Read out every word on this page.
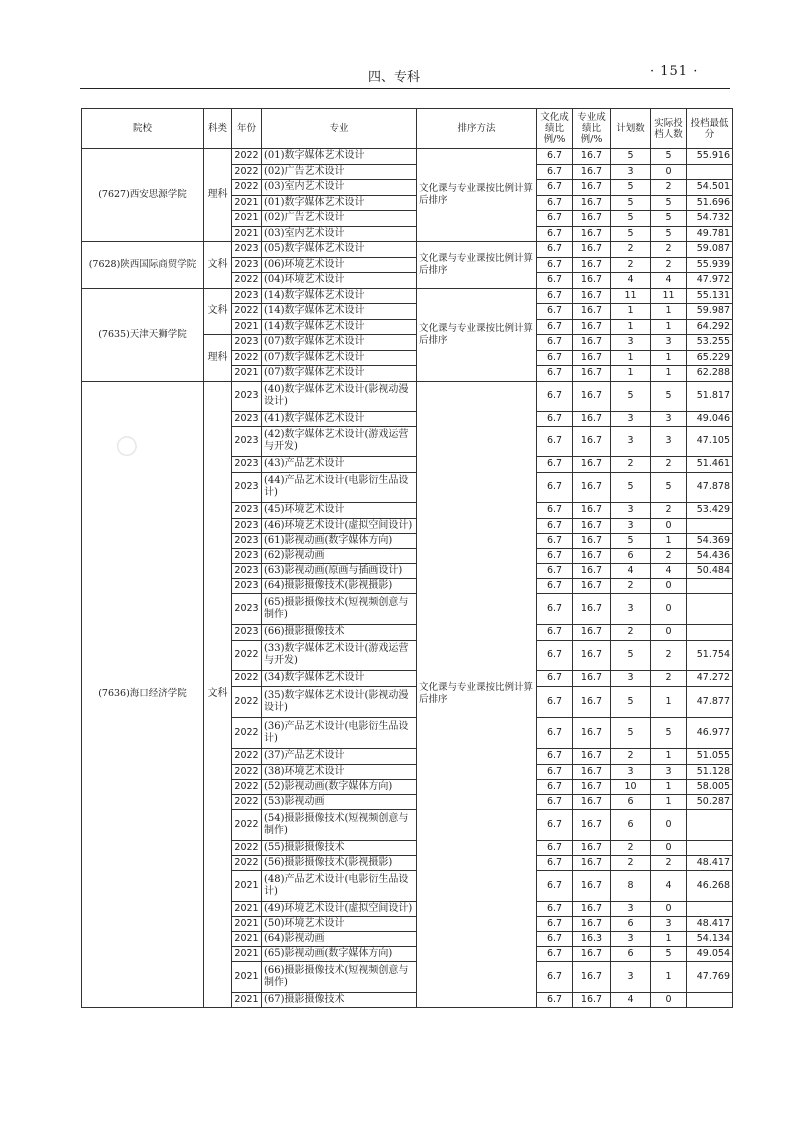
四、专科	· 151 ·
院校	科类	年份	专业	排序方法	文化成绩比例/%	专业成绩比例/%	计划数	实际投档人数	投档最低分
(7627)西安思源学院	理科	2022	(01)数字媒体艺术设计	文化课与专业课按比例计算后排序	6.7	16.7	5	5	55.916
		2022	(02)广告艺术设计		6.7	16.7	3	0	
		2022	(03)室内艺术设计		6.7	16.7	5	2	54.501
		2021	(01)数字媒体艺术设计		6.7	16.7	5	5	51.696
		2021	(02)广告艺术设计		6.7	16.7	5	5	54.732
		2021	(03)室内艺术设计		6.7	16.7	5	5	49.781
(7628)陕西国际商贸学院	文科	2023	(05)数字媒体艺术设计	文化课与专业课按比例计算后排序	6.7	16.7	2	2	59.087
		2023	(06)环境艺术设计		6.7	16.7	2	2	55.939
		2022	(04)环境艺术设计		6.7	16.7	4	4	47.972
(7635)天津天狮学院	文科	2023	(14)数字媒体艺术设计	文化课与专业课按比例计算后排序	6.7	16.7	11	11	55.131
		2022	(14)数字媒体艺术设计		6.7	16.7	1	1	59.987
		2021	(14)数字媒体艺术设计		6.7	16.7	1	1	64.292
	理科	2023	(07)数字媒体艺术设计		6.7	16.7	3	3	53.255
		2022	(07)数字媒体艺术设计		6.7	16.7	1	1	65.229
		2021	(07)数字媒体艺术设计		6.7	16.7	1	1	62.288
(7636)海口经济学院	文科	2023	(40)数字媒体艺术设计(影视动漫设计)	文化课与专业课按比例计算后排序	6.7	16.7	5	5	51.817
		2023	(41)数字媒体艺术设计		6.7	16.7	3	3	49.046
		2023	(42)数字媒体艺术设计(游戏运营与开发)		6.7	16.7	3	3	47.105
		2023	(43)产品艺术设计		6.7	16.7	2	2	51.461
		2023	(44)产品艺术设计(电影衍生品设计)		6.7	16.7	5	5	47.878
		2023	(45)环境艺术设计		6.7	16.7	3	2	53.429
		2023	(46)环境艺术设计(虚拟空间设计)		6.7	16.7	3	0	
		2023	(61)影视动画(数字媒体方向)		6.7	16.7	5	1	54.369
		2023	(62)影视动画		6.7	16.7	6	2	54.436
		2023	(63)影视动画(原画与插画设计)		6.7	16.7	4	4	50.484
		2023	(64)摄影摄像技术(影视摄影)		6.7	16.7	2	0	
		2023	(65)摄影摄像技术(短视频创意与制作)		6.7	16.7	3	0	
		2023	(66)摄影摄像技术		6.7	16.7	2	0	
		2022	(33)数字媒体艺术设计(游戏运营与开发)		6.7	16.7	5	2	51.754
		2022	(34)数字媒体艺术设计		6.7	16.7	3	2	47.272
		2022	(35)数字媒体艺术设计(影视动漫设计)		6.7	16.7	5	1	47.877
		2022	(36)产品艺术设计(电影衍生品设计)		6.7	16.7	5	5	46.977
		2022	(37)产品艺术设计		6.7	16.7	2	1	51.055
		2022	(38)环境艺术设计		6.7	16.7	3	3	51.128
		2022	(52)影视动画(数字媒体方向)		6.7	16.7	10	1	58.005
		2022	(53)影视动画		6.7	16.7	6	1	50.287
		2022	(54)摄影摄像技术(短视频创意与制作)		6.7	16.7	6	0	
		2022	(55)摄影摄像技术		6.7	16.7	2	0	
		2022	(56)摄影摄像技术(影视摄影)		6.7	16.7	2	2	48.417
		2021	(48)产品艺术设计(电影衍生品设计)		6.7	16.7	8	4	46.268
		2021	(49)环境艺术设计(虚拟空间设计)		6.7	16.7	3	0	
		2021	(50)环境艺术设计		6.7	16.7	6	3	48.417
		2021	(64)影视动画		6.7	16.3	3	1	54.134
		2021	(65)影视动画(数字媒体方向)		6.7	16.7	6	5	49.054
		2021	(66)摄影摄像技术(短视频创意与制作)		6.7	16.7	3	1	47.769
		2021	(67)摄影摄像技术		6.7	16.7	4	0	
○
